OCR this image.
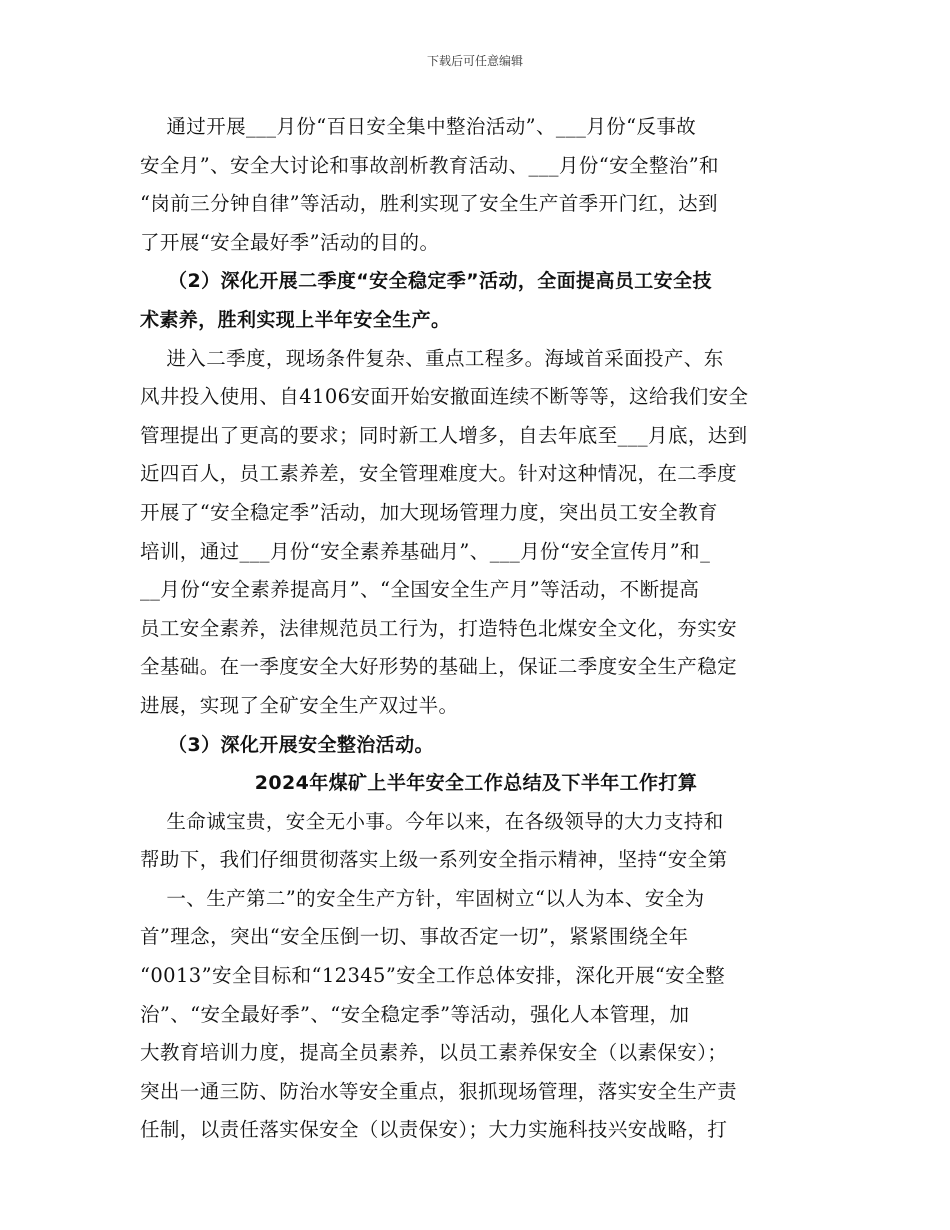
下载后可任意编辑
通过开展___月份“百日安全集中整治活动”、___月份“反事故
安全月”、安全大讨论和事故剖析教育活动、___月份“安全整治”和
“岗前三分钟自律”等活动，胜利实现了安全生产首季开门红，达到
了开展“安全最好季”活动的目的。
（2）深化开展二季度“安全稳定季”活动，全面提高员工安全技
术素养，胜利实现上半年安全生产。
进入二季度，现场条件复杂、重点工程多。海域首采面投产、东
风井投入使用、自4106安面开始安撤面连续不断等等，这给我们安全
管理提出了更高的要求；同时新工人增多，自去年底至___月底，达到
近四百人，员工素养差，安全管理难度大。针对这种情况，在二季度
开展了“安全稳定季”活动，加大现场管理力度，突出员工安全教育
培训，通过___月份“安全素养基础月”、___月份“安全宣传月”和_
__月份“安全素养提高月”、“全国安全生产月”等活动，不断提高
员工安全素养，法律规范员工行为，打造特色北煤安全文化，夯实安
全基础。在一季度安全大好形势的基础上，保证二季度安全生产稳定
进展，实现了全矿安全生产双过半。
（3）深化开展安全整治活动。
2024年煤矿上半年安全工作总结及下半年工作打算
生命诚宝贵，安全无小事。今年以来，在各级领导的大力支持和
帮助下，我们仔细贯彻落实上级一系列安全指示精神，坚持“安全第
一、生产第二”的安全生产方针，牢固树立“以人为本、安全为
首”理念，突出“安全压倒一切、事故否定一切”，紧紧围绕全年
“0013”安全目标和“12345”安全工作总体安排，深化开展“安全整
治”、“安全最好季”、“安全稳定季”等活动，强化人本管理，加
大教育培训力度，提高全员素养，以员工素养保安全（以素保安）；
突出一通三防、防治水等安全重点，狠抓现场管理，落实安全生产责
任制，以责任落实保安全（以责保安）；大力实施科技兴安战略，打
